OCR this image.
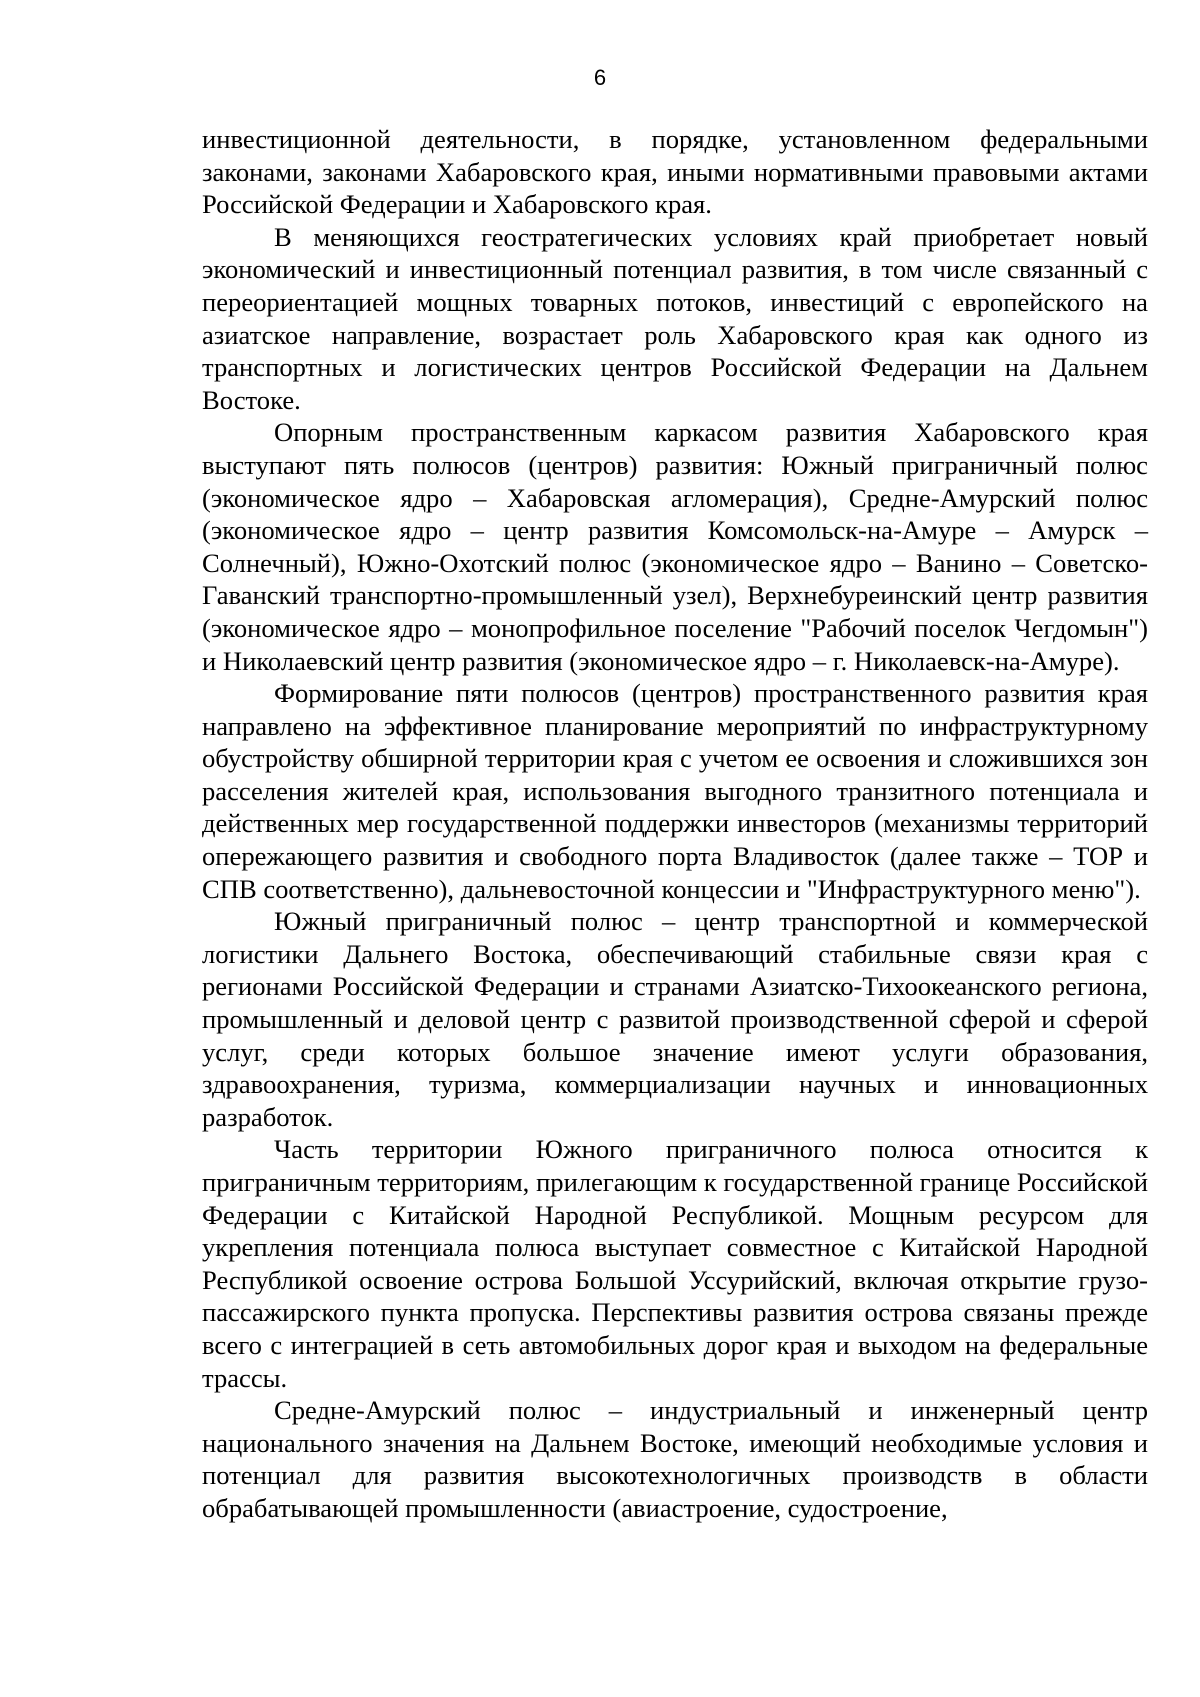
6

инвестиционной деятельности, в порядке, установленном федеральными законами, законами Хабаровского края, иными нормативными правовыми актами Российской Федерации и Хабаровского края.

В меняющихся геостратегических условиях край приобретает новый экономический и инвестиционный потенциал развития, в том числе связанный с переориентацией мощных товарных потоков, инвестиций с европейского на азиатское направление, возрастает роль Хабаровского края как одного из транспортных и логистических центров Российской Федерации на Дальнем Востоке.

Опорным пространственным каркасом развития Хабаровского края выступают пять полюсов (центров) развития: Южный приграничный полюс (экономическое ядро – Хабаровская агломерация), Средне-Амурский полюс (экономическое ядро – центр развития Комсомольск-на-Амуре – Амурск – Солнечный), Южно-Охотский полюс (экономическое ядро – Ванино – Советско-Гаванский транспортно-промышленный узел), Верхнебуреинский центр развития (экономическое ядро – монопрофильное поселение "Рабочий поселок Чегдомын") и Николаевский центр развития (экономическое ядро – г. Николаевск-на-Амуре).

Формирование пяти полюсов (центров) пространственного развития края направлено на эффективное планирование мероприятий по инфраструктурному обустройству обширной территории края с учетом ее освоения и сложившихся зон расселения жителей края, использования выгодного транзитного потенциала и действенных мер государственной поддержки инвесторов (механизмы территорий опережающего развития и свободного порта Владивосток (далее также – ТОР и СПВ соответственно), дальневосточной концессии и "Инфраструктурного меню").

Южный приграничный полюс – центр транспортной и коммерческой логистики Дальнего Востока, обеспечивающий стабильные связи края с регионами Российской Федерации и странами Азиатско-Тихоокеанского региона, промышленный и деловой центр с развитой производственной сферой и сферой услуг, среди которых большое значение имеют услуги образования, здравоохранения, туризма, коммерциализации научных и инновационных разработок.

Часть территории Южного приграничного полюса относится к приграничным территориям, прилегающим к государственной границе Российской Федерации с Китайской Народной Республикой. Мощным ресурсом для укрепления потенциала полюса выступает совместное с Китайской Народной Республикой освоение острова Большой Уссурийский, включая открытие грузо-пассажирского пункта пропуска. Перспективы развития острова связаны прежде всего с интеграцией в сеть автомобильных дорог края и выходом на федеральные трассы.

Средне-Амурский полюс – индустриальный и инженерный центр национального значения на Дальнем Востоке, имеющий необходимые условия и потенциал для развития высокотехнологичных производств в области обрабатывающей промышленности (авиастроение, судостроение,
